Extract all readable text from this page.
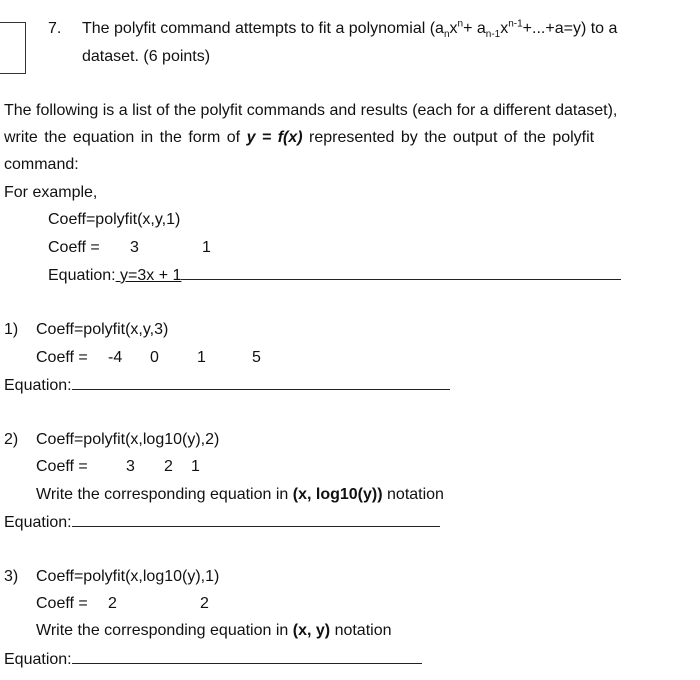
7. The polyfit command attempts to fit a polynomial $(a_nx^n+ a_{n-1}x^{n-1}+...+a=y)$ to a
dataset. (6 points)
The following is a list of the polyfit commands and results (each for a different dataset),
write the equation in the form of y = f(x) represented by the output of the polyfit
command:
For example,
Coeff=polyfit(x,y,1)
Coeff = 3	1
Equation: y=3x + 1
1) Coeff=polyfit(x,y,3)
Coeff = -4 0 1	5
Equation:
2) Coeff=polyfit(x,log10(y),2)
Coeff = 3 2 1
Write the corresponding equation in (x, log10(y)) notation
Equation:
3) Coeff=polyfit(x,log10(y),1)
Coeff = 2	2
Write the corresponding equation in (x, y) notation
Equation:
